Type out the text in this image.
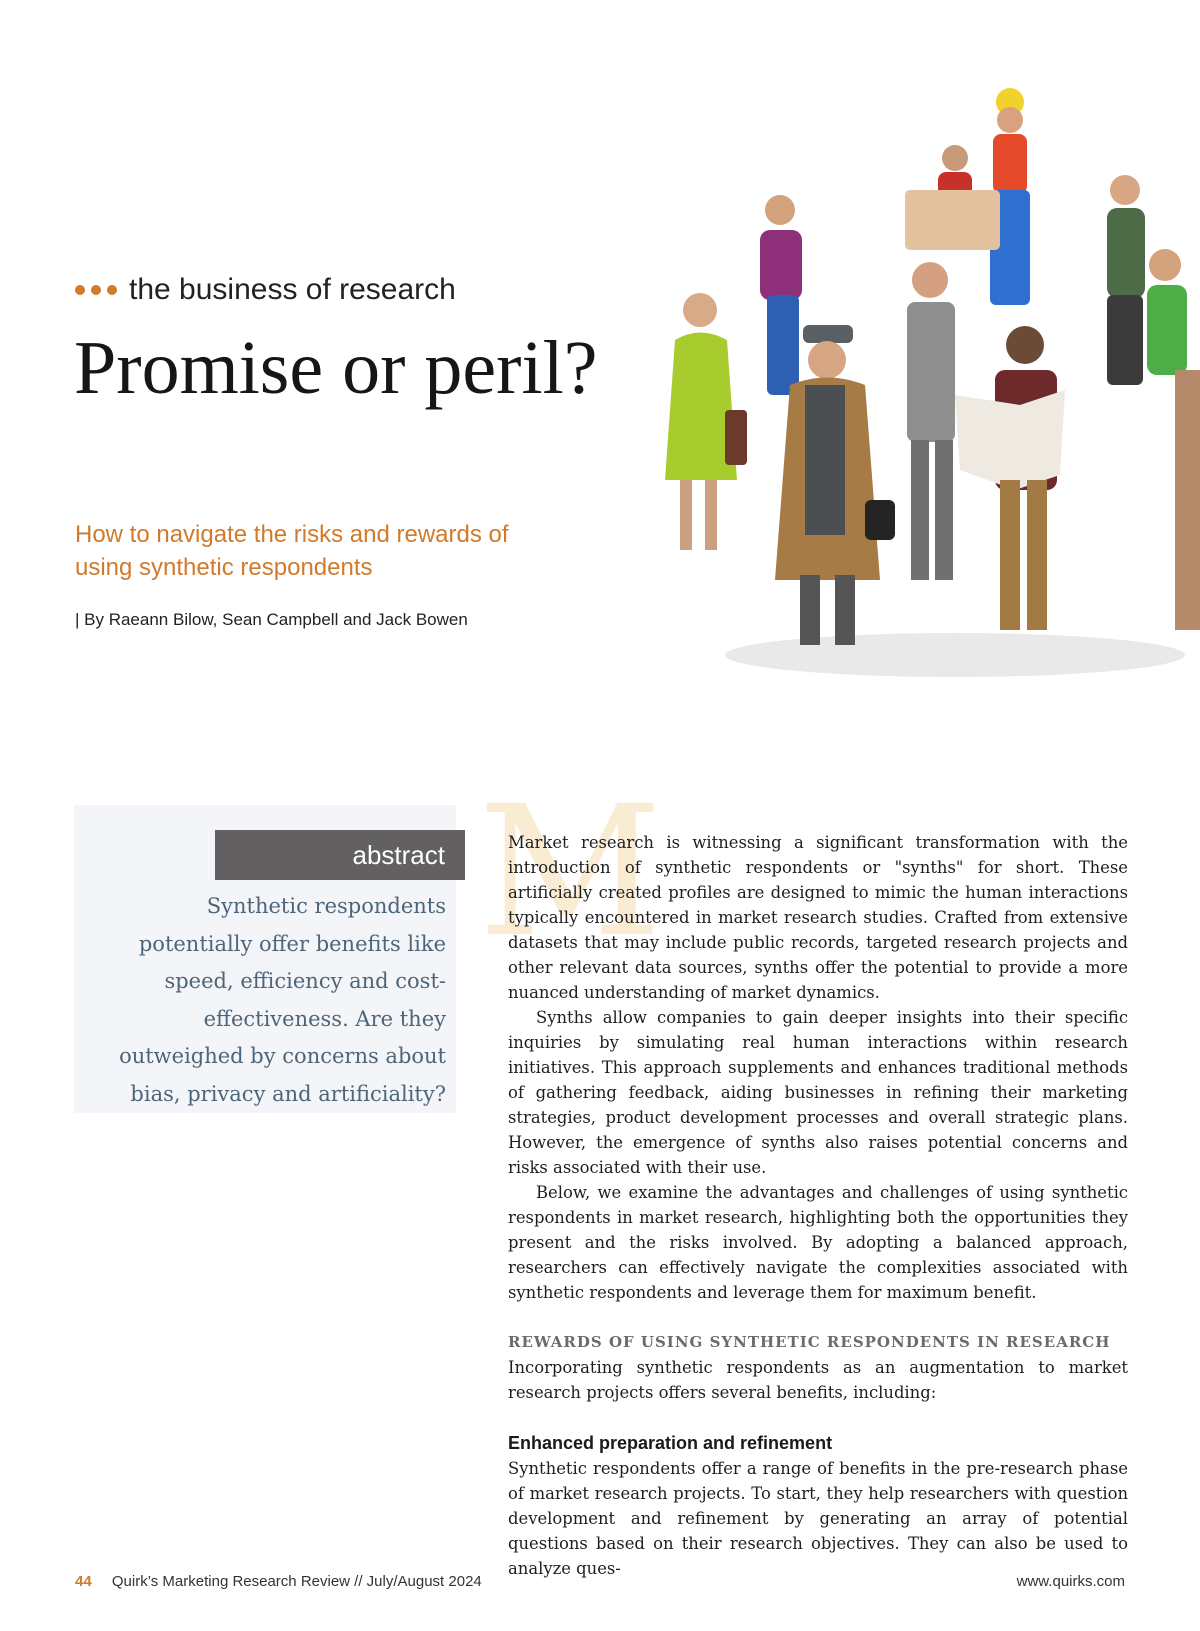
the business of research
Promise or peril?
How to navigate the risks and rewards of using synthetic respondents
| By Raeann Bilow, Sean Campbell and Jack Bowen
abstract
Synthetic respondents potentially offer benefits like speed, efficiency and cost-effectiveness. Are they outweighed by concerns about bias, privacy and artificiality?
M

Market research is witnessing a significant transformation with the introduction of synthetic respondents or "synths" for short. These artificially created profiles are designed to mimic the human interactions typically encountered in market research studies. Crafted from extensive datasets that may include public records, targeted research projects and other relevant data sources, synths offer the potential to provide a more nuanced understanding of market dynamics.

Synths allow companies to gain deeper insights into their specific inquiries by simulating real human interactions within research initiatives. This approach supplements and enhances traditional methods of gathering feedback, aiding businesses in refining their marketing strategies, product development processes and overall strategic plans. However, the emergence of synths also raises potential concerns and risks associated with their use.

Below, we examine the advantages and challenges of using synthetic respondents in market research, highlighting both the opportunities they present and the risks involved. By adopting a balanced approach, researchers can effectively navigate the complexities associated with synthetic respondents and leverage them for maximum benefit.

REWARDS OF USING SYNTHETIC RESPONDENTS IN RESEARCH

Incorporating synthetic respondents as an augmentation to market research projects offers several benefits, including:

Enhanced preparation and refinement

Synthetic respondents offer a range of benefits in the pre-research phase of market research projects. To start, they help researchers with question development and refinement by generating an array of potential questions based on their research objectives. They can also be used to analyze ques-

44 Quirk’s Marketing Research Review // July/August 2024	www.quirks.com
